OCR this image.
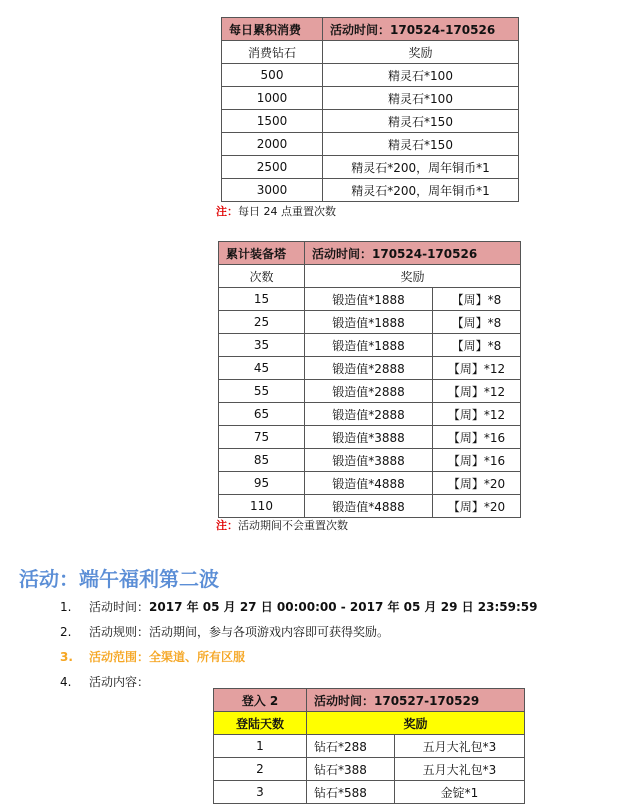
每日累积消费	活动时间：170524-170526
消费钻石	奖励
500	精灵石*100
1000	精灵石*100
1500	精灵石*150
2000	精灵石*150
2500	精灵石*200，周年铜币*1
3000	精灵石*200，周年铜币*1
注：每日 24 点重置次数
累计装备塔	活动时间：170524-170526	
次数	奖励	
15	锻造值*1888	【周】*8
25	锻造值*1888	【周】*8
35	锻造值*1888	【周】*8
45	锻造值*2888	【周】*12
55	锻造值*2888	【周】*12
65	锻造值*2888	【周】*12
75	锻造值*3888	【周】*16
85	锻造值*3888	【周】*16
95	锻造值*4888	【周】*20
110	锻造值*4888	【周】*20
注：活动期间不会重置次数
活动：端午福利第二波
1. 活动时间：2017 年 05 月 27 日 00:00:00 - 2017 年 05 月 29 日 23:59:59
2. 活动规则：活动期间，参与各项游戏内容即可获得奖励。
3. 活动范围：全渠道、所有区服
4. 活动内容：
登入 2	活动时间：170527-170529	
登陆天数	奖励	
1	钻石*288	五月大礼包*3
2	钻石*388	五月大礼包*3
3	钻石*588	金锭*1
